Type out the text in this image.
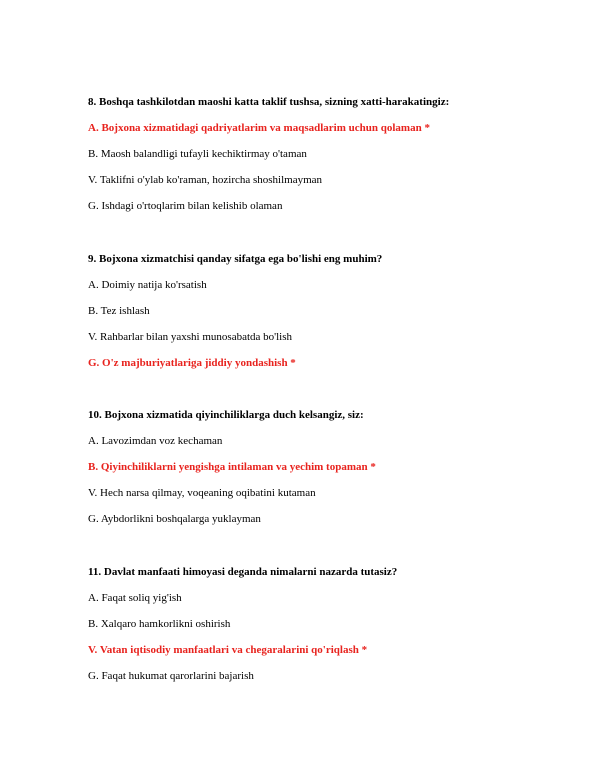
8. Boshqa tashkilotdan maoshi katta taklif tushsa, sizning xatti-harakatingiz:

A. Bojxona xizmatidagi qadriyatlarim va maqsadlarim uchun qolaman *

B. Maosh balandligi tufayli kechiktirmay o'taman

V. Taklifni o'ylab ko'raman, hozircha shoshilmayman

G. Ishdagi o'rtoqlarim bilan kelishib olaman

9. Bojxona xizmatchisi qanday sifatga ega bo'lishi eng muhim?

A. Doimiy natija ko'rsatish

B. Tez ishlash

V. Rahbarlar bilan yaxshi munosabatda bo'lish

G. O'z majburiyatlariga jiddiy yondashish *

10. Bojxona xizmatida qiyinchiliklarga duch kelsangiz, siz:

A. Lavozimdan voz kechaman

B. Qiyinchiliklarni yengishga intilaman va yechim topaman *

V. Hech narsa qilmay, voqeaning oqibatini kutaman

G. Aybdorlikni boshqalarga yuklayman

11. Davlat manfaati himoyasi deganda nimalarni nazarda tutasiz?

A. Faqat soliq yig'ish

B. Xalqaro hamkorlikni oshirish

V. Vatan iqtisodiy manfaatlari va chegaralarini qo'riqlash *

G. Faqat hukumat qarorlarini bajarish
